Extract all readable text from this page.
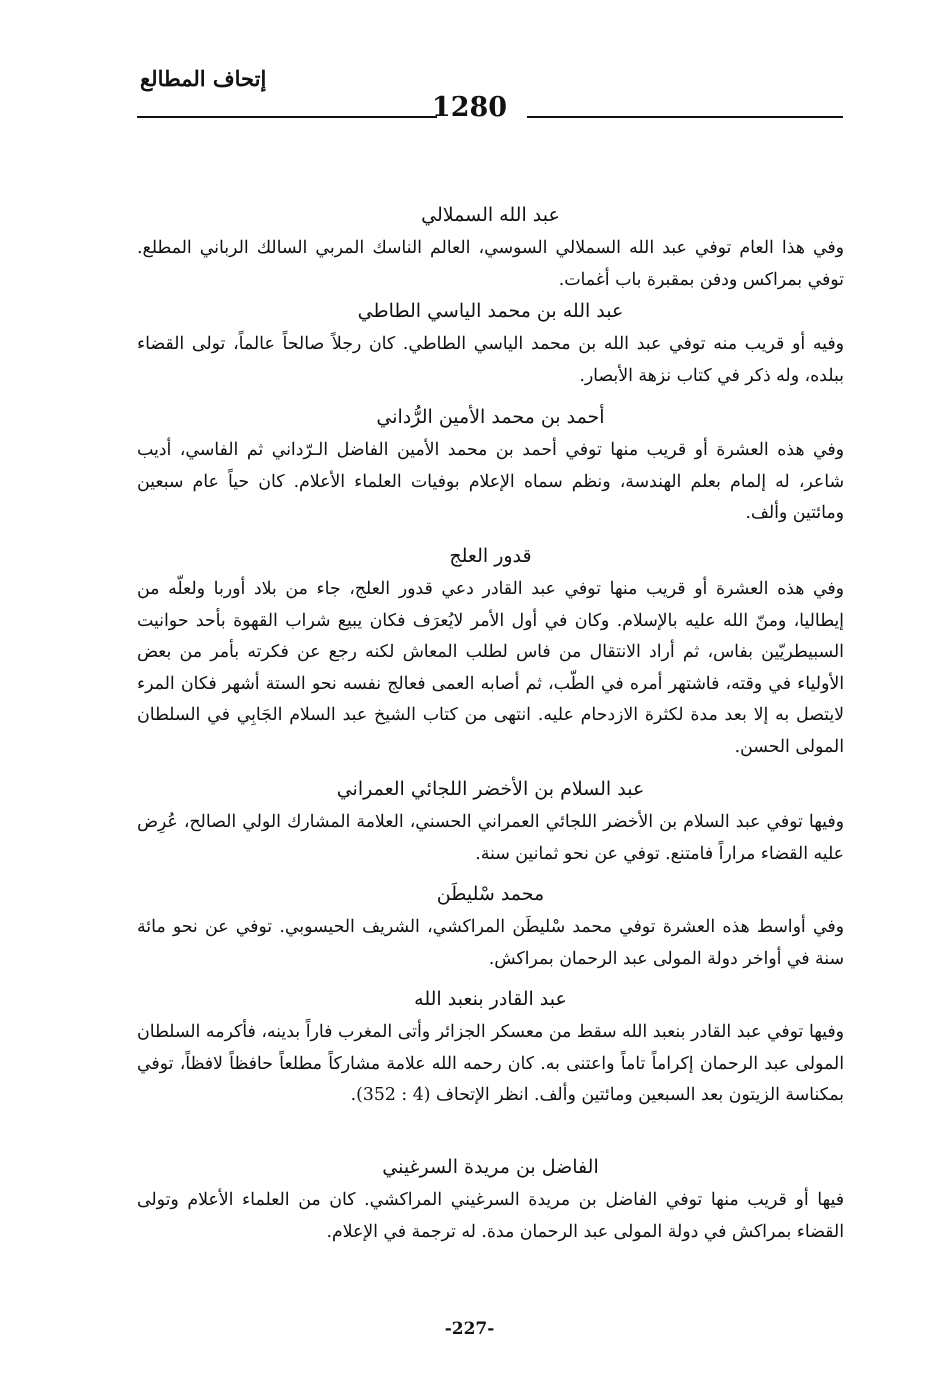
إتحاف المطالع
1280
عبد الله السملالي

وفي هذا العام توفي عبد الله السملالي السوسي، العالم الناسك المربي السالك الرباني المطلع. توفي بمراكس ودفن بمقبرة باب أغمات.

عبد الله بن محمد الياسي الطاطي

وفيه أو قريب منه توفي عبد الله بن محمد الياسي الطاطي. كان رجلاً صالحاً عالماً، تولى القضاء ببلده، وله ذكر في كتاب نزهة الأبصار.

أحمد بن محمد الأمين الرُّداني

وفي هذه العشرة أو قريب منها توفي أحمد بن محمد الأمين الفاضل الـرّداني ثم الفاسي، أديب شاعر، له إلمام بعلم الهندسة، ونظم سماه الإعلام بوفيات العلماء الأعلام. كان حياً عام سبعين ومائتين وألف.

قدور العلج

وفي هذه العشرة أو قريب منها توفي عبد القادر دعي قدور العلج، جاء من بلاد أوربا ولعلّه من إيطاليا، ومنّ الله عليه بالإسلام. وكان في أول الأمر لايُعرَف فكان يبيع شراب القهوة بأحد حوانيت السبيطريّين بفاس، ثم أراد الانتقال من فاس لطلب المعاش لكنه رجع عن فكرته بأمر من بعض الأولياء في وقته، فاشتهر أمره في الطّب، ثم أصابه العمى فعالج نفسه نحو الستة أشهر فكان المرء لايتصل به إلا بعد مدة لكثرة الازدحام عليه. انتهى من كتاب الشيخ عبد السلام الجَابِي في السلطان المولى الحسن.

عبد السلام بن الأخضر اللجائي العمراني

وفيها توفي عبد السلام بن الأخضر اللجائي العمراني الحسني، العلامة المشارك الولي الصالح، عُرِض عليه القضاء مراراً فامتنع. توفي عن نحو ثمانين سنة.

محمد سْليطَن

وفي أواسط هذه العشرة توفي محمد سْليطَن المراكشي، الشريف الحيسوبي. توفي عن نحو مائة سنة في أواخر دولة المولى عبد الرحمان بمراكش.

عبد القادر بنعبد الله

وفيها توفي عبد القادر بنعبد الله سقط من معسكر الجزائر وأتى المغرب فاراً بدينه، فأكرمه السلطان المولى عبد الرحمان إكراماً تاماً واعتنى به. كان رحمه الله علامة مشاركاً مطلعاً حافظاً لافظاً، توفي بمكناسة الزيتون بعد السبعين ومائتين وألف. انظر الإتحاف (4 : 352).

الفاضل بن مريدة السرغيني

فيها أو قريب منها توفي الفاضل بن مريدة السرغيني المراكشي. كان من العلماء الأعلام وتولى القضاء بمراكش في دولة المولى عبد الرحمان مدة. له ترجمة في الإعلام.

-227-
